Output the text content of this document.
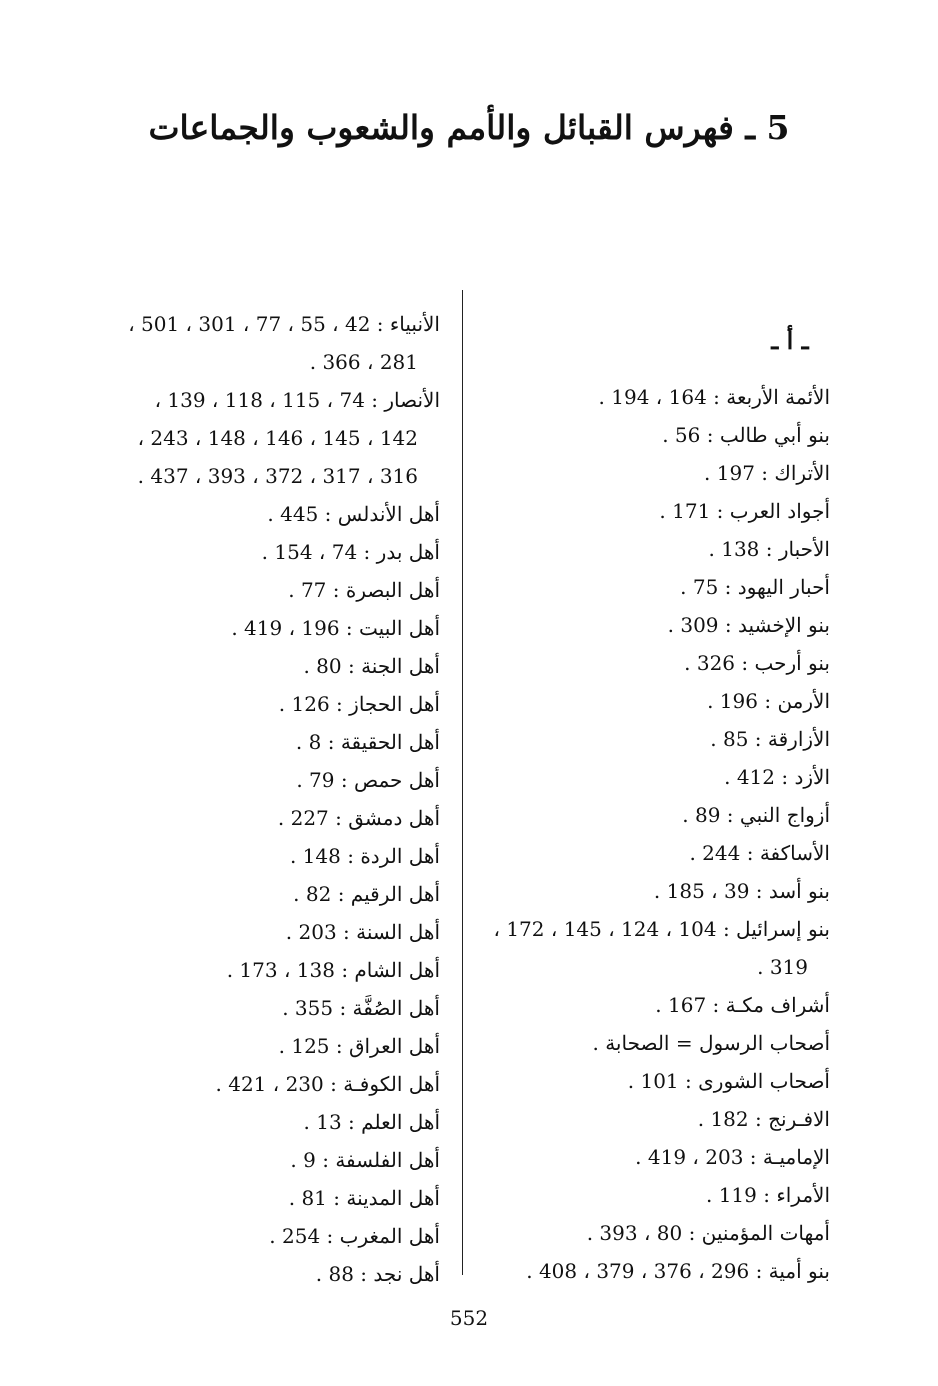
5 ـ فهرس القبائل والأمم والشعوب والجماعات
ـ أ ـ
الأئمة الأربعة : 164 ، 194 .
بنو أبي طالب : 56 .
الأتراك : 197 .
أجواد العرب : 171 .
الأحبار : 138 .
أحبار اليهود : 75 .
بنو الإخشيد : 309 .
بنو أرحب : 326 .
الأرمن : 196 .
الأزارقة : 85 .
الأزد : 412 .
أزواج النبي : 89 .
الأساكفة : 244 .
بنو أسد : 39 ، 185 .
بنو إسرائيل : 104 ، 124 ، 145 ، 172 ،
319 .
أشراف مكـة : 167 .
أصحاب الرسول = الصحابة .
أصحاب الشورى : 101 .
الافـرنج : 182 .
الإماميـة : 203 ، 419 .
الأمراء : 119 .
أمهات المؤمنين : 80 ، 393 .
بنو أمية : 296 ، 376 ، 379 ، 408 .
الأنبياء : 42 ، 55 ، 77 ، 301 ، 501 ،
281 ، 366 .
الأنصار : 74 ، 115 ، 118 ، 139 ،
142 ، 145 ، 146 ، 148 ، 243 ،
316 ، 317 ، 372 ، 393 ، 437 .
أهل الأندلس : 445 .
أهل بدر : 74 ، 154 .
أهل البصرة : 77 .
أهل البيت : 196 ، 419 .
أهل الجنة : 80 .
أهل الحجاز : 126 .
أهل الحقيقة : 8 .
أهل حمص : 79 .
أهل دمشق : 227 .
أهل الردة : 148 .
أهل الرقيم : 82 .
أهل السنة : 203 .
أهل الشام : 138 ، 173 .
أهل الصُفَّة : 355 .
أهل العراق : 125 .
أهل الكوفـة : 230 ، 421 .
أهل العلم : 13 .
أهل الفلسفة : 9 .
أهل المدينة : 81 .
أهل المغرب : 254 .
أهل نجد : 88 .
552
